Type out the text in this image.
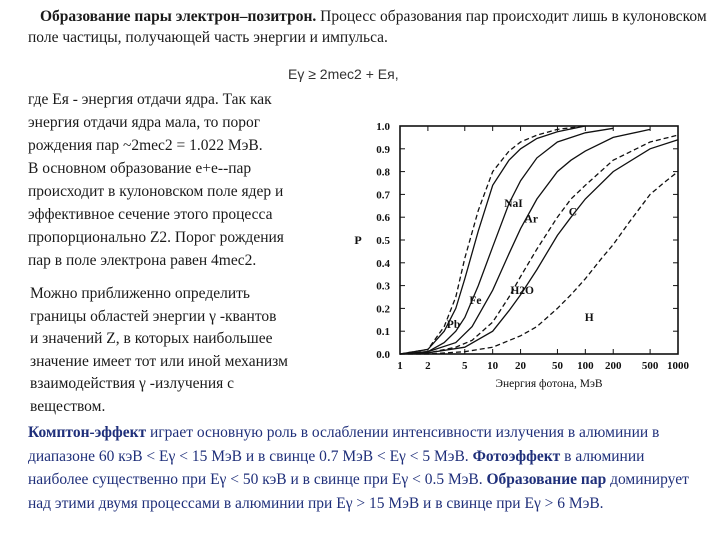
Образование пары электрон–позитрон. Процесс образования пар происходит лишь в кулоновском поле частицы, получающей часть энергии и импульса.

Eγ ≥ 2mec2 + Ея,
где Ея - энергия отдачи ядра. Так как
энергия отдачи ядра мала, то порог
рождения пар ~2mec2 = 1.022 МэВ.
В основном образование e+e--пар
происходит в кулоновском поле ядер и
эффективное сечение этого процесса
пропорционально Z2. Порог рождения
пар в поле электрона равен 4mec2.
Можно приближенно определить
границы областей энергии γ -квантов
и значений Z, в которых наибольшее
значение имеет тот или иной механизм
взаимодействия γ -излучения с
веществом.
1 2	5 10 20 50 100 200 500 1000
0.0
0.1
0.2
0.3
0.4
0.5
0.6
0.7
0.8
0.9
1.0
Энергия фотона, МэВ
P
Pb
Fe
NaI
Ar
H2O
C
H

Комптон-эффект играет основную роль в ослаблении интенсивности излучения в алюминии в диапазоне 60 кэВ < Eγ < 15 МэВ и в свинце 0.7 МэВ < Eγ < 5 МэВ. Фотоэффект в алюминии наиболее существенно при Eγ < 50 кэВ и в свинце при Eγ < 0.5 МэВ. Образование пар доминирует над этими двумя процессами в алюминии при Eγ > 15 МэВ и в свинце при Eγ > 6 МэВ.
